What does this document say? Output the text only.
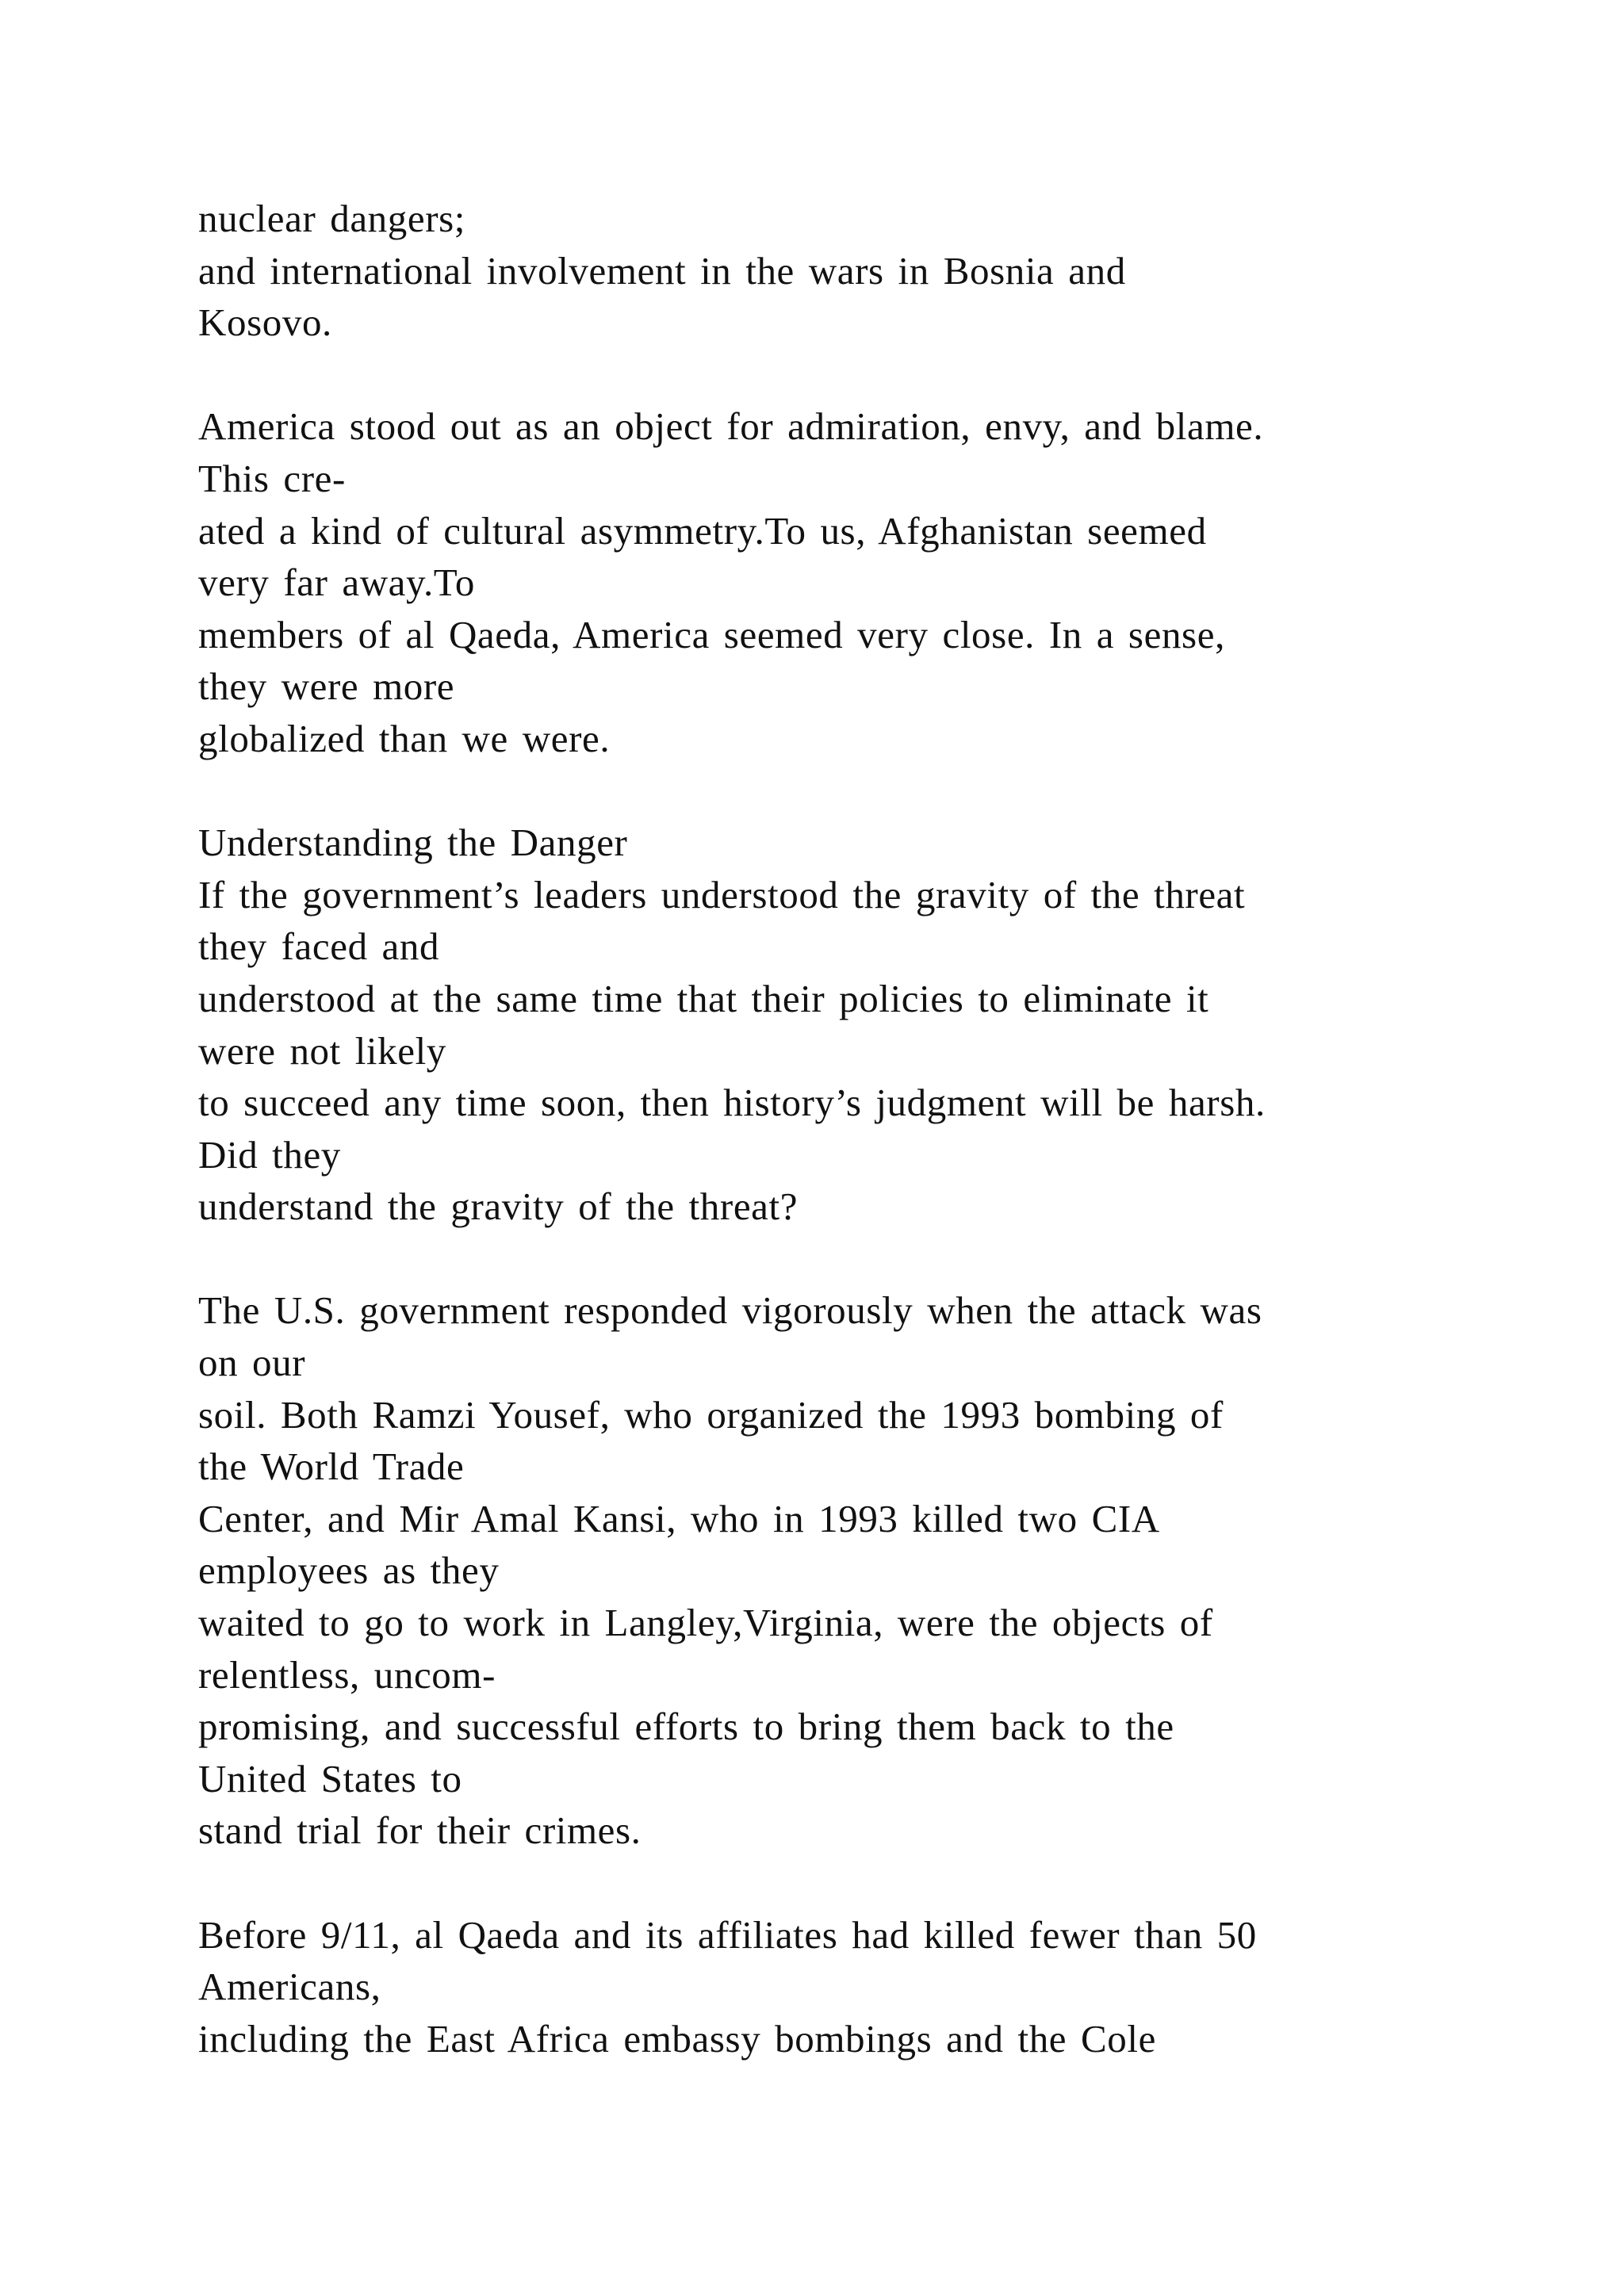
nuclear dangers;
and international involvement in the wars in Bosnia and
Kosovo.
America stood out as an object for admiration, envy, and blame.
This cre-
ated a kind of cultural asymmetry.To us, Afghanistan seemed
very far away.To
members of al Qaeda, America seemed very close. In a sense,
they were more
globalized than we were.
Understanding the Danger
If the government’s leaders understood the gravity of the threat
they faced and
understood at the same time that their policies to eliminate it
were not likely
to succeed any time soon, then history’s judgment will be harsh.
Did they
understand the gravity of the threat?
The U.S. government responded vigorously when the attack was
on our
soil. Both Ramzi Yousef, who organized the 1993 bombing of
the World Trade
Center, and Mir Amal Kansi, who in 1993 killed two CIA
employees as they
waited to go to work in Langley,Virginia, were the objects of
relentless, uncom-
promising, and successful efforts to bring them back to the
United States to
stand trial for their crimes.
Before 9/11, al Qaeda and its affiliates had killed fewer than 50
Americans,
including the East Africa embassy bombings and the Cole
